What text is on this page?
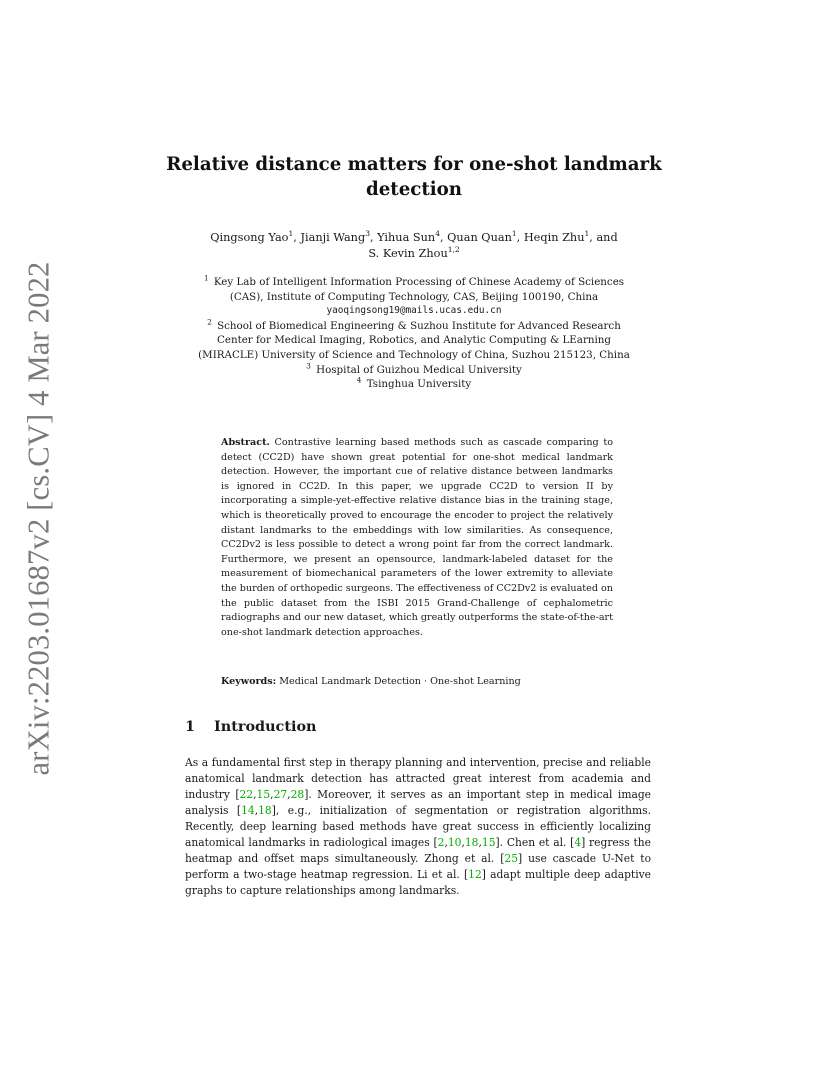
arXiv:2203.01687v2 [cs.CV] 4 Mar 2022
Relative distance matters for one-shot landmark detection
Qingsong Yao$^1$, Jianji Wang$^3$, Yihua Sun$^4$, Quan Quan$^1$, Heqin Zhu$^1$, and
S. Kevin Zhou$^{1,2}$
$^1$  Key Lab of Intelligent Information Processing of Chinese Academy of Sciences
(CAS), Institute of Computing Technology, CAS, Beijing 100190, China
yaoqingsong19@mails.ucas.edu.cn
$^2$  School of Biomedical Engineering & Suzhou Institute for Advanced Research
Center for Medical Imaging, Robotics, and Analytic Computing & LEarning
(MIRACLE) University of Science and Technology of China, Suzhou 215123, China
$^3$  Hospital of Guizhou Medical University
$^4$  Tsinghua University
Abstract. Contrastive learning based methods such as cascade comparing to detect (CC2D) have shown great potential for one-shot medical landmark detection. However, the important cue of relative distance between landmarks is ignored in CC2D. In this paper, we upgrade CC2D to version II by incorporating a simple-yet-effective relative distance bias in the training stage, which is theoretically proved to encourage the encoder to project the relatively distant landmarks to the embeddings with low similarities. As consequence, CC2Dv2 is less possible to detect a wrong point far from the correct landmark. Furthermore, we present an opensource, landmark-labeled dataset for the measurement of biomechanical parameters of the lower extremity to alleviate the burden of orthopedic surgeons. The effectiveness of CC2Dv2 is evaluated on the public dataset from the ISBI 2015 Grand-Challenge of cephalometric radiographs and our new dataset, which greatly outperforms the state-of-the-art one-shot landmark detection approaches.
Keywords: Medical Landmark Detection · One-shot Learning
1 Introduction
As a fundamental first step in therapy planning and intervention, precise and reliable anatomical landmark detection has attracted great interest from academia and industry [22,15,27,28]. Moreover, it serves as an important step in medical image analysis [14,18], e.g., initialization of segmentation or registration algorithms. Recently, deep learning based methods have great success in efficiently localizing anatomical landmarks in radiological images [2,10,18,15]. Chen et al. [4] regress the heatmap and offset maps simultaneously. Zhong et al. [25] use cascade U-Net to perform a two-stage heatmap regression. Li et al. [12] adapt multiple deep adaptive graphs to capture relationships among landmarks.
